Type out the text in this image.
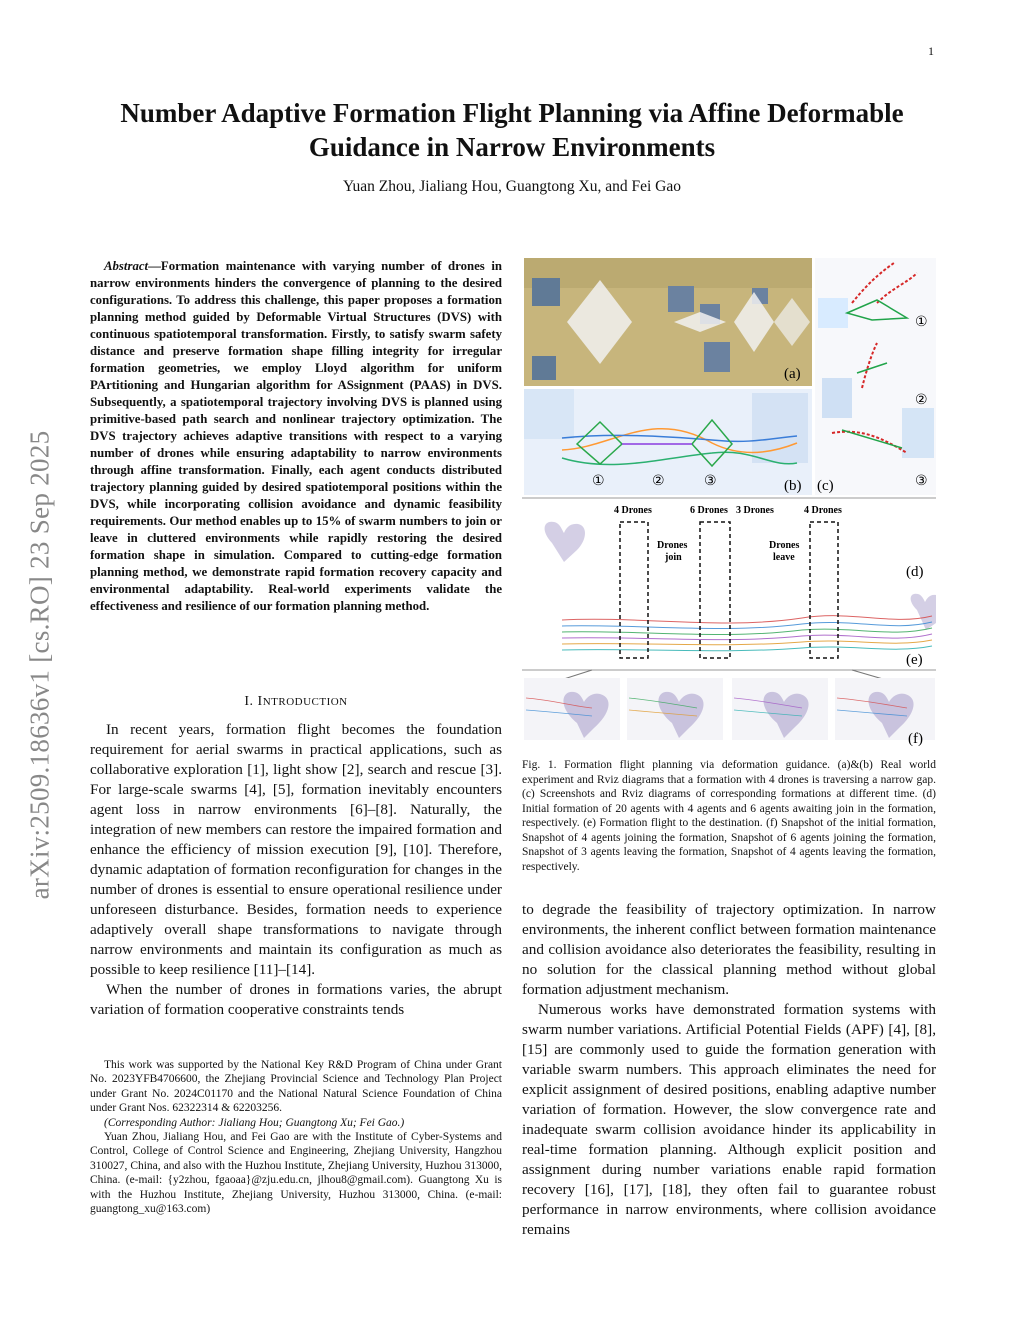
1
arXiv:2509.18636v1 [cs.RO] 23 Sep 2025
Number Adaptive Formation Flight Planning via Affine Deformable Guidance in Narrow Environments
Yuan Zhou, Jialiang Hou, Guangtong Xu, and Fei Gao
Abstract—Formation maintenance with varying number of drones in narrow environments hinders the convergence of planning to the desired configurations. To address this challenge, this paper proposes a formation planning method guided by Deformable Virtual Structures (DVS) with continuous spatiotemporal transformation. Firstly, to satisfy swarm safety distance and preserve formation shape filling integrity for irregular formation geometries, we employ Lloyd algorithm for uniform PArtitioning and Hungarian algorithm for ASsignment (PAAS) in DVS. Subsequently, a spatiotemporal trajectory involving DVS is planned using primitive-based path search and nonlinear trajectory optimization. The DVS trajectory achieves adaptive transitions with respect to a varying number of drones while ensuring adaptability to narrow environments through affine transformation. Finally, each agent conducts distributed trajectory planning guided by desired spatiotemporal positions within the DVS, while incorporating collision avoidance and dynamic feasibility requirements. Our method enables up to 15% of swarm numbers to join or leave in cluttered environments while rapidly restoring the desired formation shape in simulation. Compared to cutting-edge formation planning method, we demonstrate rapid formation recovery capacity and environmental adaptability. Real-world experiments validate the effectiveness and resilience of our formation planning method.
I. INTRODUCTION

In recent years, formation flight becomes the foundation requirement for aerial swarms in practical applications, such as collaborative exploration [1], light show [2], search and rescue [3]. For large-scale swarms [4], [5], formation inevitably encounters agent loss in narrow environments [6]–[8]. Naturally, the integration of new members can restore the impaired formation and enhance the efficiency of mission execution [9], [10]. Therefore, dynamic adaptation of formation reconfiguration for changes in the number of drones is essential to ensure operational resilience under unforeseen disturbance. Besides, formation needs to experience adaptively overall shape transformations to navigate through narrow environments and maintain its configuration as much as possible to keep resilience [11]–[14].

When the number of drones in formations varies, the abrupt variation of formation cooperative constraints tends

This work was supported by the National Key R&D Program of China under Grant No. 2023YFB4706600, the Zhejiang Provincial Science and Technology Plan Project under Grant No. 2024C01170 and the National Natural Science Foundation of China under Grant Nos. 62322314 & 62203256.

(Corresponding Author: Jialiang Hou; Guangtong Xu; Fei Gao.)

Yuan Zhou, Jialiang Hou, and Fei Gao are with the Institute of Cyber-Systems and Control, College of Control Science and Engineering, Zhejiang University, Hangzhou 310027, China, and also with the Huzhou Institute, Zhejiang University, Huzhou 313000, China. (e-mail: {y2zhou, fgaoaa}@zju.edu.cn, jlhou8@gmail.com). Guangtong Xu is with the Huzhou Institute, Zhejiang University, Huzhou 313000, China. (e-mail: guangtong_xu@163.com)

(a)
①	②	③	(b)
①
②
③
(c)
4 Drones	6 Drones 3 Drones	4 Drones
Drones
join
Drones
leave
(d)
(e)
(f)
Fig. 1. Formation flight planning via deformation guidance. (a)&(b) Real world experiment and Rviz diagrams that a formation with 4 drones is traversing a narrow gap. (c) Screenshots and Rviz diagrams of corresponding formations at different time. (d) Initial formation of 20 agents with 4 agents and 6 agents awaiting join in the formation, respectively. (e) Formation flight to the destination. (f) Snapshot of the initial formation, Snapshot of 4 agents joining the formation, Snapshot of 6 agents joining the formation, Snapshot of 3 agents leaving the formation, Snapshot of 4 agents leaving the formation, respectively.

to degrade the feasibility of trajectory optimization. In narrow environments, the inherent conflict between formation maintenance and collision avoidance also deteriorates the feasibility, resulting in no solution for the classical planning method without global formation adjustment mechanism.

Numerous works have demonstrated formation systems with swarm number variations. Artificial Potential Fields (APF) [4], [8], [15] are commonly used to guide the formation generation with variable swarm numbers. This approach eliminates the need for explicit assignment of desired positions, enabling adaptive number variation of formation. However, the slow convergence rate and inadequate swarm collision avoidance hinder its applicability in real-time formation planning. Although explicit position and assignment during number variations enable rapid formation recovery [16], [17], [18], they often fail to guarantee robust performance in narrow environments, where collision avoidance remains
